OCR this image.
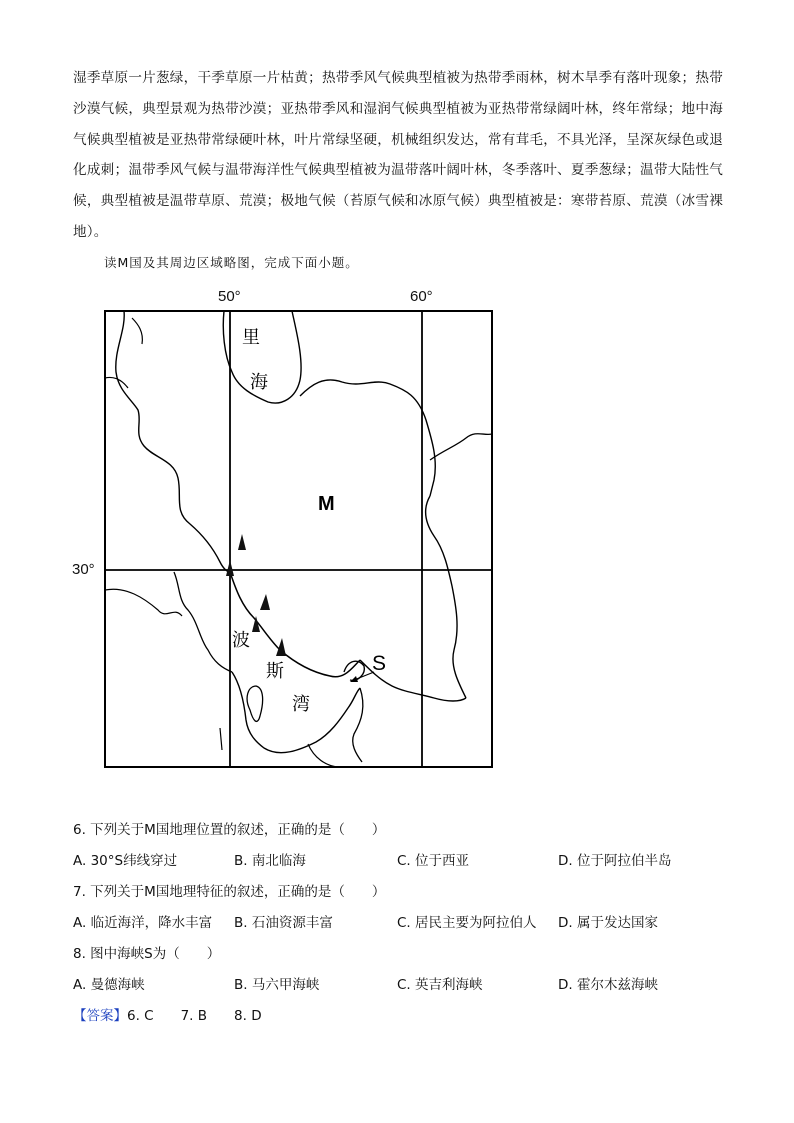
湿季草原一片葱绿，干季草原一片枯黄；热带季风气候典型植被为热带季雨林，树木旱季有落叶现象；热带沙漠气候，典型景观为热带沙漠；亚热带季风和湿润气候典型植被为亚热带常绿阔叶林，终年常绿；地中海气候典型植被是亚热带常绿硬叶林，叶片常绿坚硬，机械组织发达，常有茸毛，不具光泽，呈深灰绿色或退化成刺；温带季风气候与温带海洋性气候典型植被为温带落叶阔叶林，冬季落叶、夏季葱绿；温带大陆性气候，典型植被是温带草原、荒漠；极地气候（苔原气候和冰原气候）典型植被是：寒带苔原、荒漠（冰雪裸地）。

读M国及其周边区域略图，完成下面小题。
50°	60°
30°
里
海
M
波
斯
湾
S
6. 下列关于M国地理位置的叙述，正确的是（　　）
A. 30°S纬线穿过	B. 南北临海	C. 位于西亚	D. 位于阿拉伯半岛
7. 下列关于M国地理特征的叙述，正确的是（　　）
A. 临近海洋，降水丰富 B. 石油资源丰富	C. 居民主要为阿拉伯人 D. 属于发达国家
8. 图中海峡S为（　　）
A. 曼德海峡	B. 马六甲海峡	C. 英吉利海峡	D. 霍尔木兹海峡
【答案】6. C　　7. B　　8. D
